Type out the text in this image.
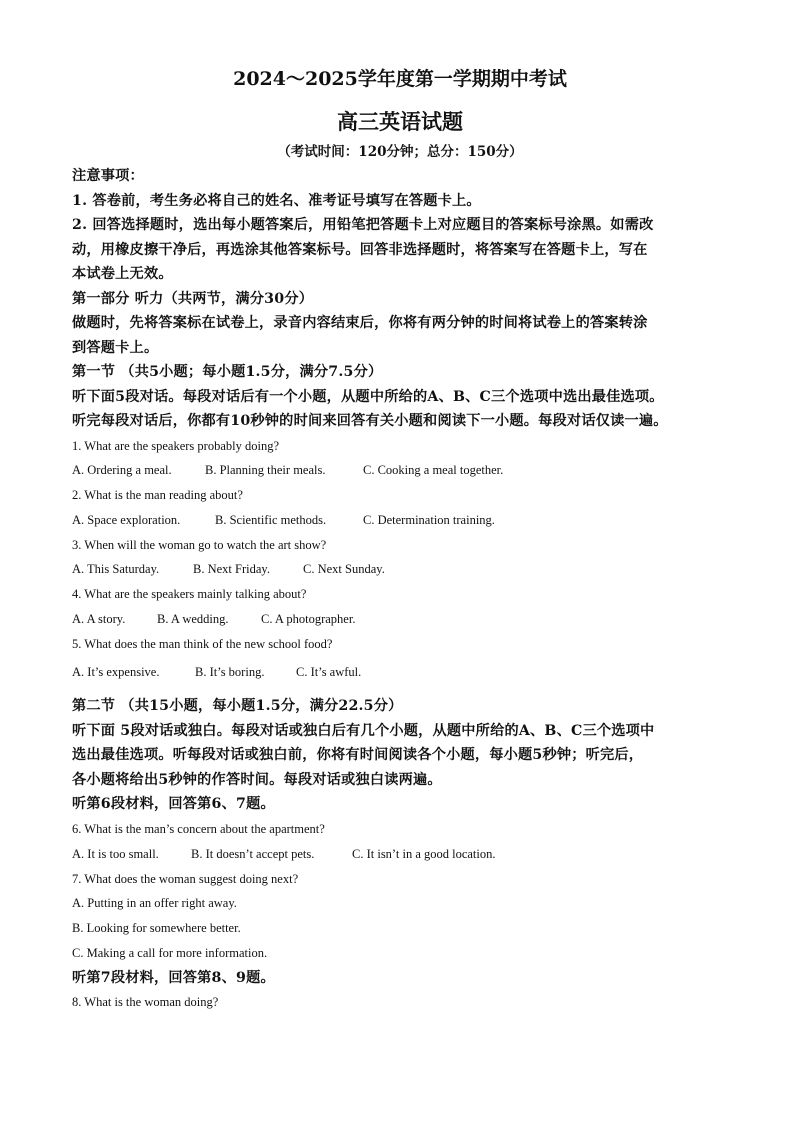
2024～2025学年度第一学期期中考试

高三英语试题

（考试时间：120分钟；总分：150分）

注意事项：

1. 答卷前，考生务必将自己的姓名、准考证号填写在答题卡上。

2. 回答选择题时，选出每小题答案后，用铅笔把答题卡上对应题目的答案标号涂黑。如需改

动，用橡皮擦干净后，再选涂其他答案标号。回答非选择题时，将答案写在答题卡上，写在

本试卷上无效。

第一部分 听力（共两节，满分30分）

做题时，先将答案标在试卷上，录音内容结束后，你将有两分钟的时间将试卷上的答案转涂

到答题卡上。

第一节 （共5小题；每小题1.5分，满分7.5分）

听下面5段对话。每段对话后有一个小题，从题中所给的A、B、C三个选项中选出最佳选项。

听完每段对话后，你都有10秒钟的时间来回答有关小题和阅读下一小题。每段对话仅读一遍。

1. What are the speakers probably doing?

A. Ordering a meal.	B. Planning their meals.	C. Cooking a meal together.

2. What is the man reading about?

A. Space exploration.	B. Scientific methods.	C. Determination training.

3. When will the woman go to watch the art show?

A. This Saturday.	B. Next Friday.	C. Next Sunday.

4. What are the speakers mainly talking about?

A. A story.	B. A wedding.	C. A photographer.

5. What does the man think of the new school food?

A. It’s expensive.	B. It’s boring.	C. It’s awful.

第二节 （共15小题，每小题1.5分，满分22.5分）

听下面 5段对话或独白。每段对话或独白后有几个小题，从题中所给的A、B、C三个选项中

选出最佳选项。听每段对话或独白前，你将有时间阅读各个小题，每小题5秒钟；听完后，

各小题将给出5秒钟的作答时间。每段对话或独白读两遍。

听第6段材料，回答第6、7题。

6. What is the man’s concern about the apartment?

A. It is too small.	B. It doesn’t accept pets.	C. It isn’t in a good location.

7. What does the woman suggest doing next?

A. Putting in an offer right away.

B. Looking for somewhere better.

C. Making a call for more information.

听第7段材料，回答第8、9题。

8. What is the woman doing?
